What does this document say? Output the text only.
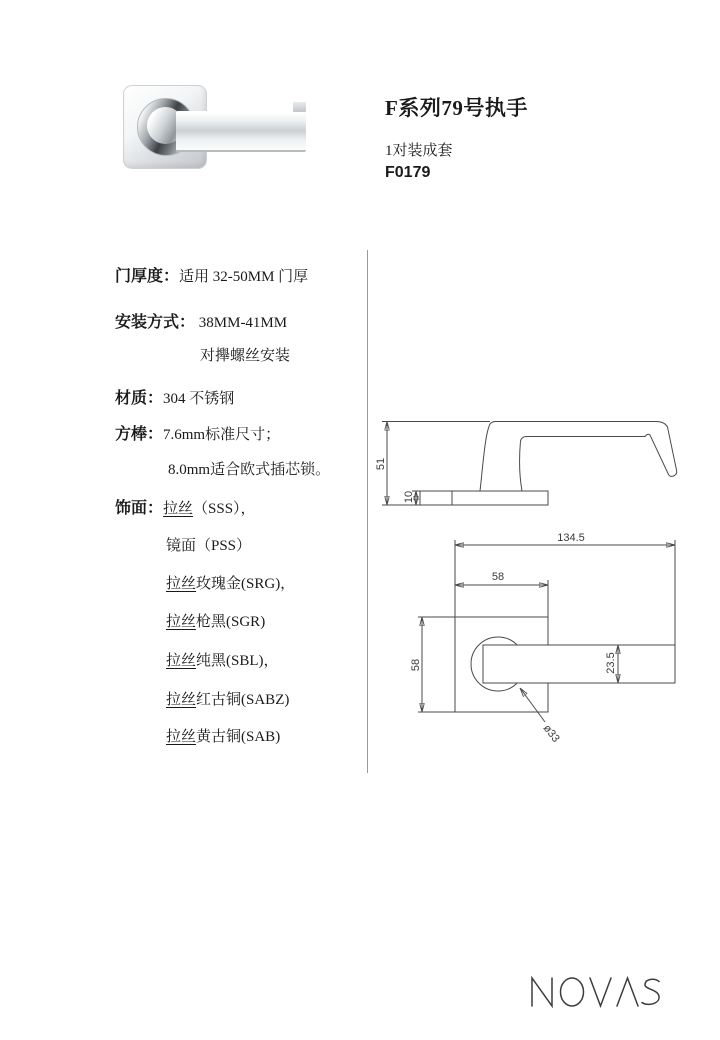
F系列79号执手
1对装成套
F0179
门厚度：适用 32-50MM 门厚
安装方式： 38MM-41MM
对攑螺丝安装
材质：304 不锈钢
方棒：7.6mm标准尺寸；
8.0mm适合欧式插芯锁。
饰面：拉丝（SSS），
镜面（PSS）
拉丝玫瑰金(SRG)，
拉丝枪黑(SGR)
拉丝纯黑(SBL)，
拉丝红古铜(SABZ)
拉丝黄古铜(SAB)
51
10
134.5
58
58	23.5
ø33
